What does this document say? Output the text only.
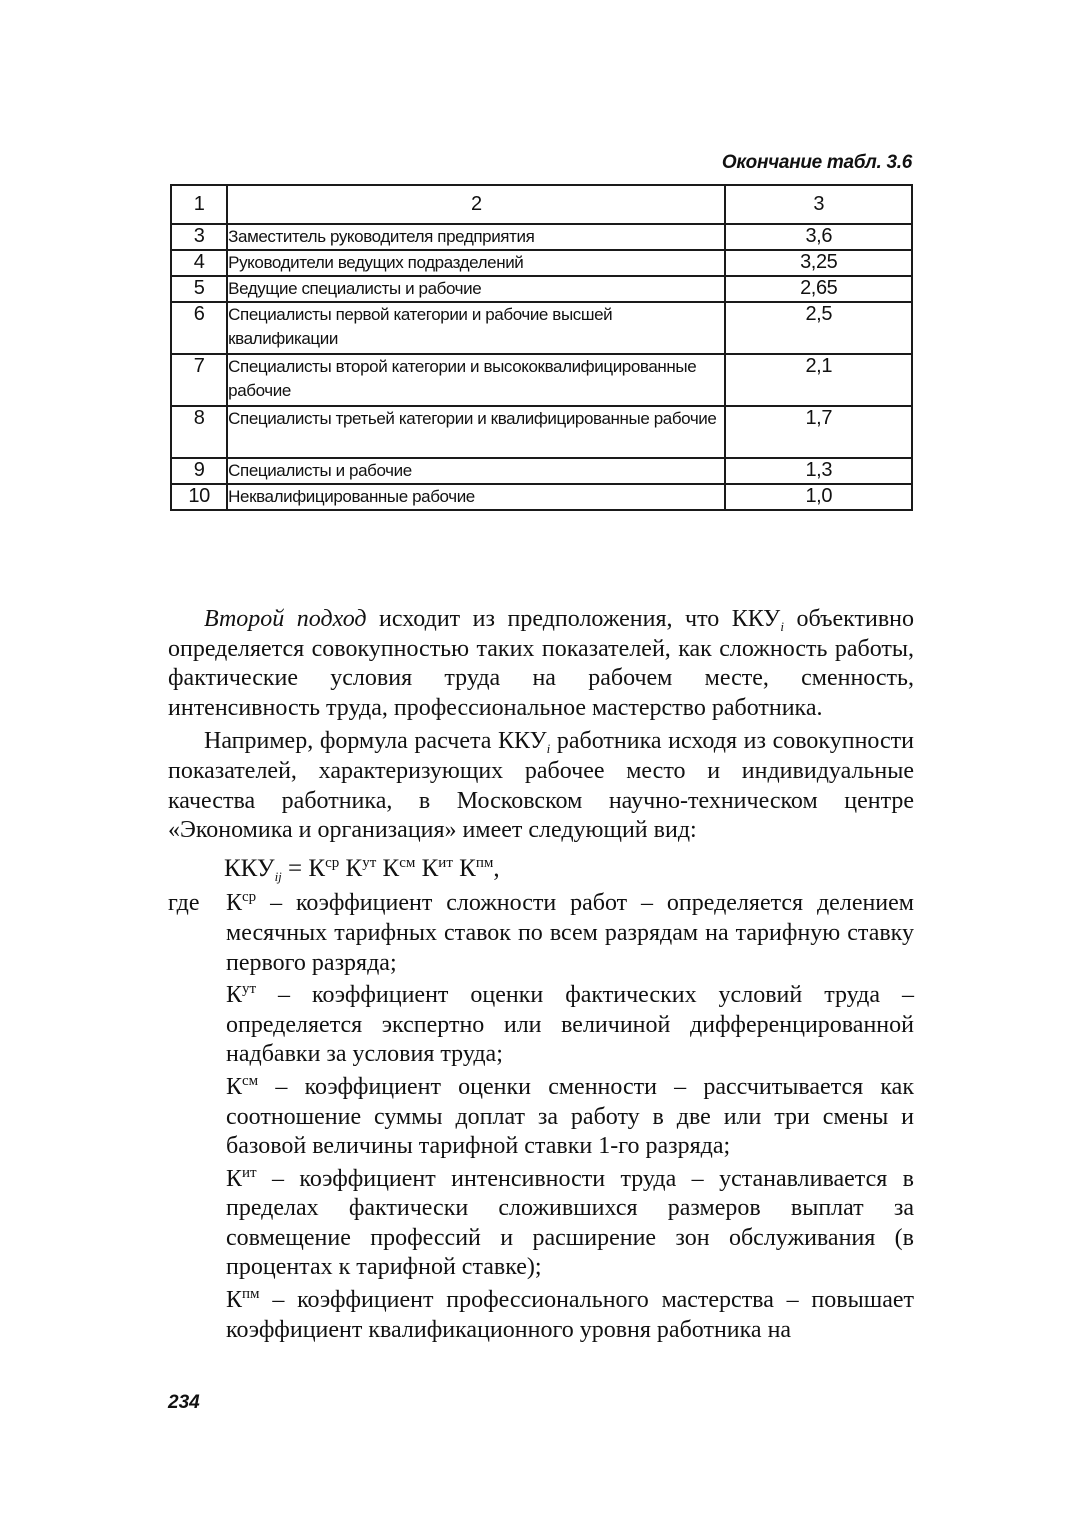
Окончание табл. 3.6
1	2	3
3	Заместитель руководителя предприятия	3,6
4	Руководители ведущих подразделений	3,25
5	Ведущие специалисты и рабочие	2,65
6	Специалисты первой категории и рабочие высшей квалификации	2,5
7	Специалисты второй категории и высококвалифицированные рабочие	2,1
8	Специалисты третьей категории и квалифицированные рабочие	1,7
9	Специалисты и рабочие	1,3
10	Неквалифицированные рабочие	1,0

Второй подход исходит из предположения, что $ККУ_i$ объективно определяется совокупностью таких показателей, как сложность работы, фактические условия труда на рабочем месте, сменность, интенсивность труда, профессиональное мастерство работника.

Например, формула расчета $ККУ_i$ работника исходя из совокупности показателей, характеризующих рабочее место и индивидуальные качества работника, в Московском научно-техническом центре «Экономика и организация» имеет следующий вид:

$ККУ_{ij} = К^{ср}$ $К^{ут}$ $К^{см}$ $К^{ит}$ $К^{пм}$,
где	$К^{ср}$ – коэффициент сложности работ – определяется делением месячных тарифных ставок по всем разрядам на тарифную ставку первого разряда;
$К^{ут}$ – коэффициент оценки фактических условий труда – определяется экспертно или величиной дифференцированной надбавки за условия труда;
$К^{см}$ – коэффициент оценки сменности – рассчитывается как соотношение суммы доплат за работу в две или три смены и базовой величины тарифной ставки 1-го разряда;
$К^{ит}$ – коэффициент интенсивности труда – устанавливается в пределах фактически сложившихся размеров выплат за совмещение профессий и расширение зон обслуживания (в процентах к тарифной ставке);
$К^{пм}$ – коэффициент профессионального мастерства – повышает коэффициент квалификационного уровня работника на
234
